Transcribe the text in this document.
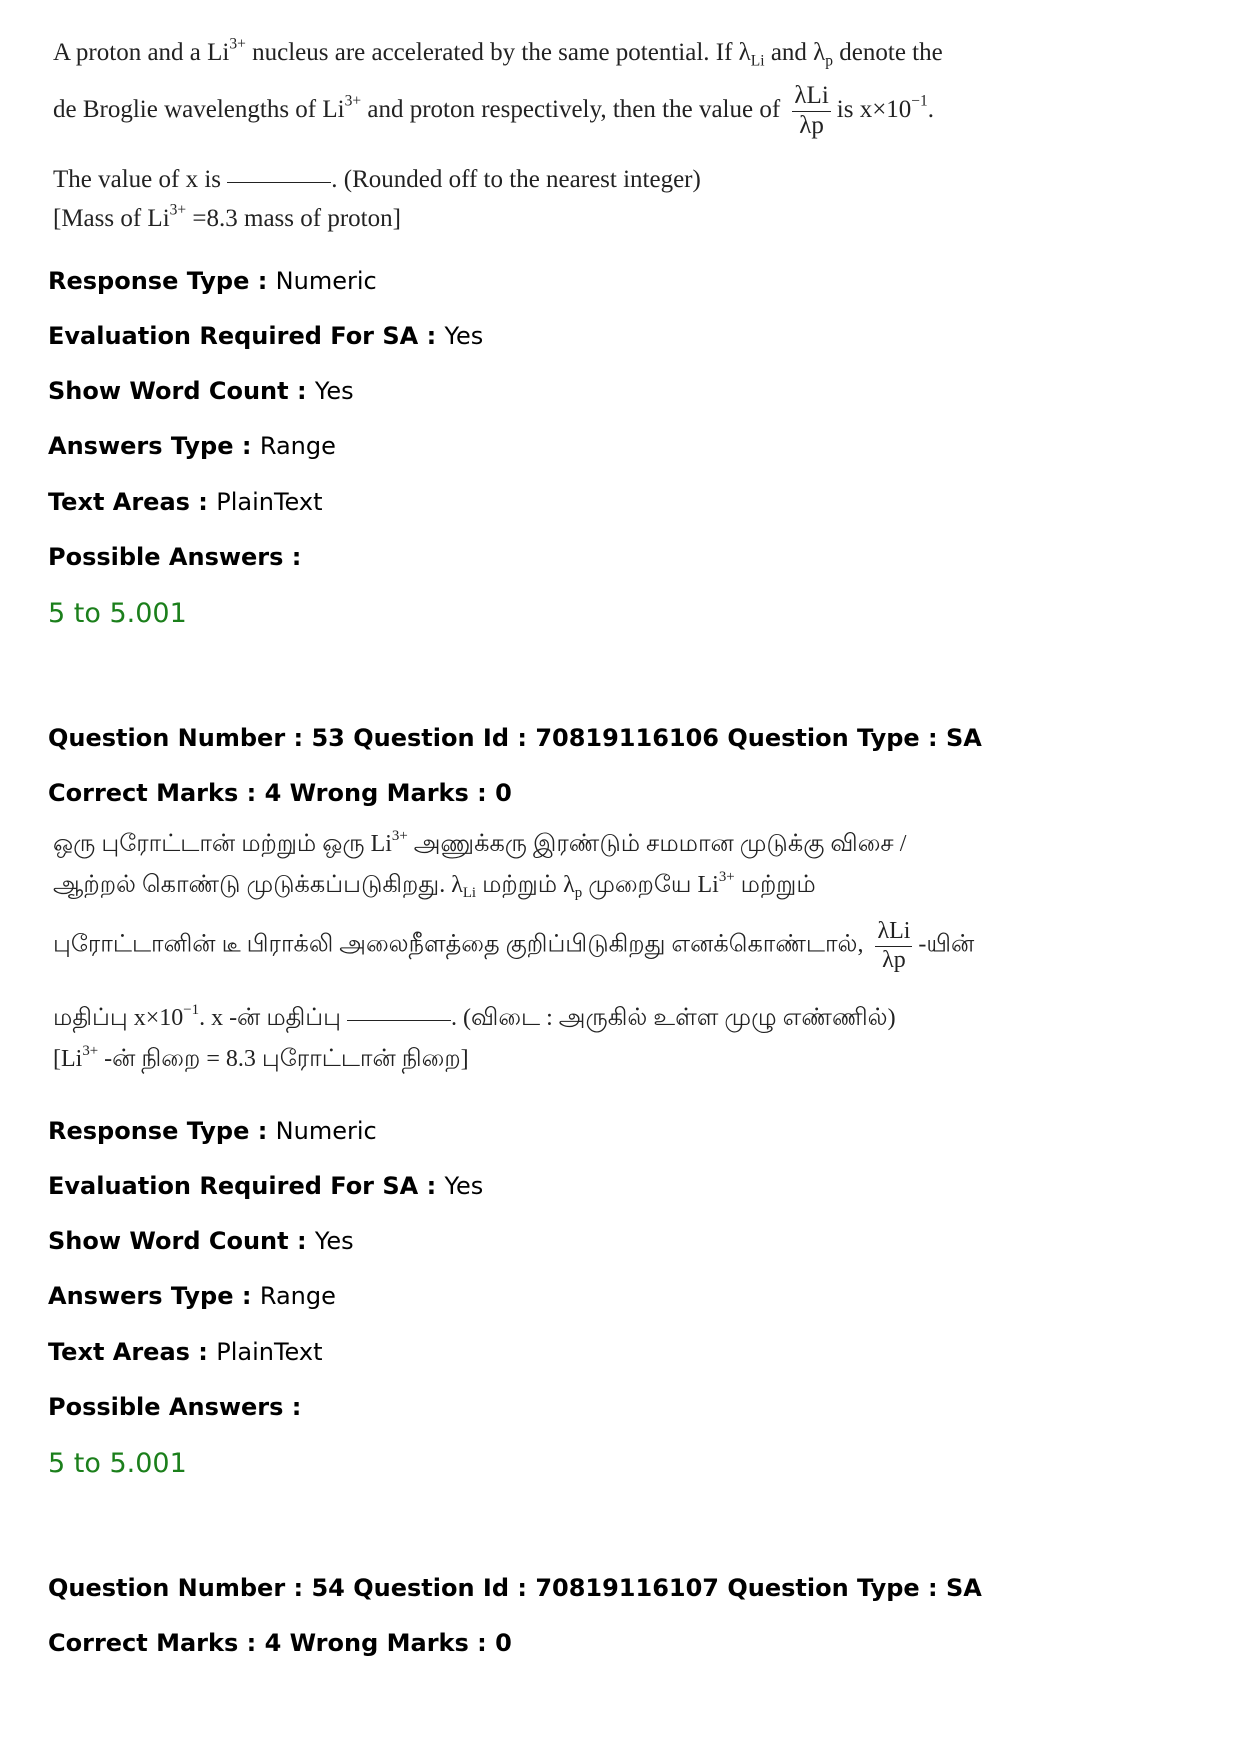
A proton and a $Li^{3+}$ nucleus are accelerated by the same potential. If $\lambda_{Li}$ and $\lambda_p$ denote the
de Broglie wavelengths of $Li^{3+}$ and proton respectively, then the value of $\frac{\text{λLi}}{\lambda p}$ is $x\times 10^{-1}$.
The value of x is	. (Rounded off to the nearest integer)
[Mass of $Li^{3+} =8.3$ mass of proton]
Response Type : Numeric
Evaluation Required For SA : Yes
Show Word Count : Yes
Answers Type : Range
Text Areas : PlainText
Possible Answers :
5 to 5.001
Question Number : 53 Question Id : 70819116106 Question Type : SA
Correct Marks : 4 Wrong Marks : 0
ஒரு புரோட்டான் மற்றும் ஒரு $Li^{3+}$ அணுக்கரு இரண்டும் சமமான முடுக்கு விசை /
ஆற்றல் கொண்டு முடுக்கப்படுகிறது. $\lambda_{Li}$ மற்றும் $\lambda_p$ முறையே $Li^{3+}$ மற்றும்
புரோட்டானின் டீ பிராக்லி அலைநீளத்தை குறிப்பிடுகிறது எனக்கொண்டால், $\frac{\text{λLi}}{\lambda p}$ -யின்
மதிப்பு $x\times 10^{-1}$. x -ன் மதிப்பு	. (விடை : அருகில் உள்ள முழு எண்ணில்)
[$Li^{3+}$ -ன் நிறை = 8.3 புரோட்டான் நிறை]
Response Type : Numeric
Evaluation Required For SA : Yes
Show Word Count : Yes
Answers Type : Range
Text Areas : PlainText
Possible Answers :
5 to 5.001
Question Number : 54 Question Id : 70819116107 Question Type : SA
Correct Marks : 4 Wrong Marks : 0
